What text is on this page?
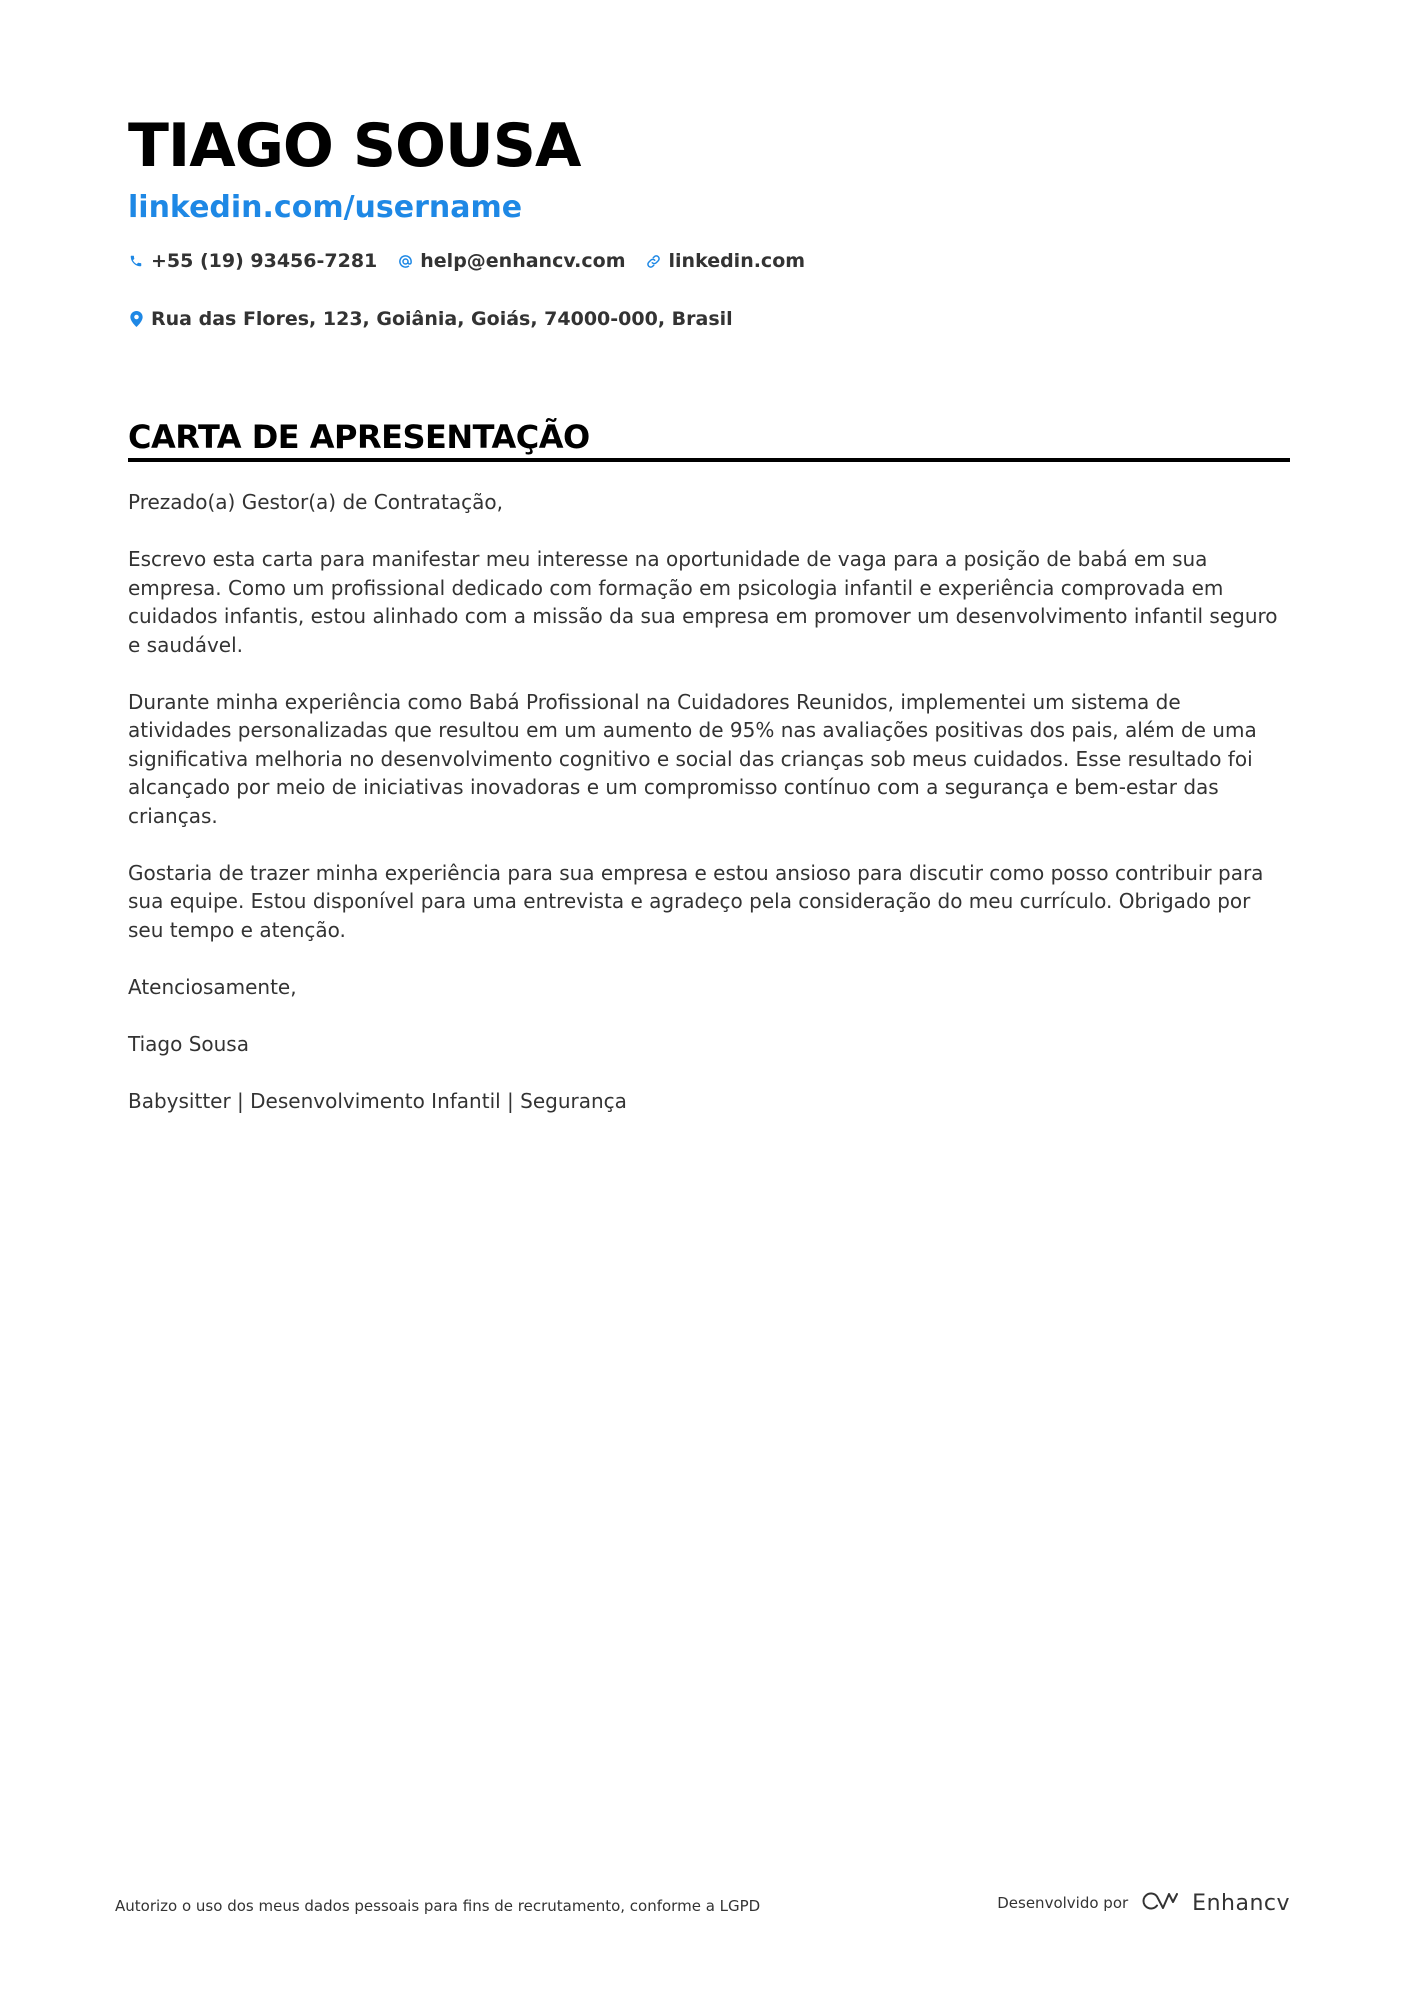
TIAGO SOUSA
linkedin.com/username
+55 (19) 93456-7281 help@enhancv.com linkedin.com
Rua das Flores, 123, Goiânia, Goiás, 74000-000, Brasil
CARTA DE APRESENTAÇÃO

Prezado(a) Gestor(a) de Contratação,

Escrevo esta carta para manifestar meu interesse na oportunidade de vaga para a posição de babá em sua empresa. Como um profissional dedicado com formação em psicologia infantil e experiência comprovada em cuidados infantis, estou alinhado com a missão da sua empresa em promover um desenvolvimento infantil seguro e saudável.

Durante minha experiência como Babá Profissional na Cuidadores Reunidos, implementei um sistema de atividades personalizadas que resultou em um aumento de 95% nas avaliações positivas dos pais, além de uma significativa melhoria no desenvolvimento cognitivo e social das crianças sob meus cuidados. Esse resultado foi alcançado por meio de iniciativas inovadoras e um compromisso contínuo com a segurança e bem-estar das crianças.

Gostaria de trazer minha experiência para sua empresa e estou ansioso para discutir como posso contribuir para sua equipe. Estou disponível para uma entrevista e agradeço pela consideração do meu currículo. Obrigado por seu tempo e atenção.

Atenciosamente,

Tiago Sousa

Babysitter | Desenvolvimento Infantil | Segurança

Autorizo o uso dos meus dados pessoais para fins de recrutamento, conforme a LGPD	Desenvolvido por	Enhancv
